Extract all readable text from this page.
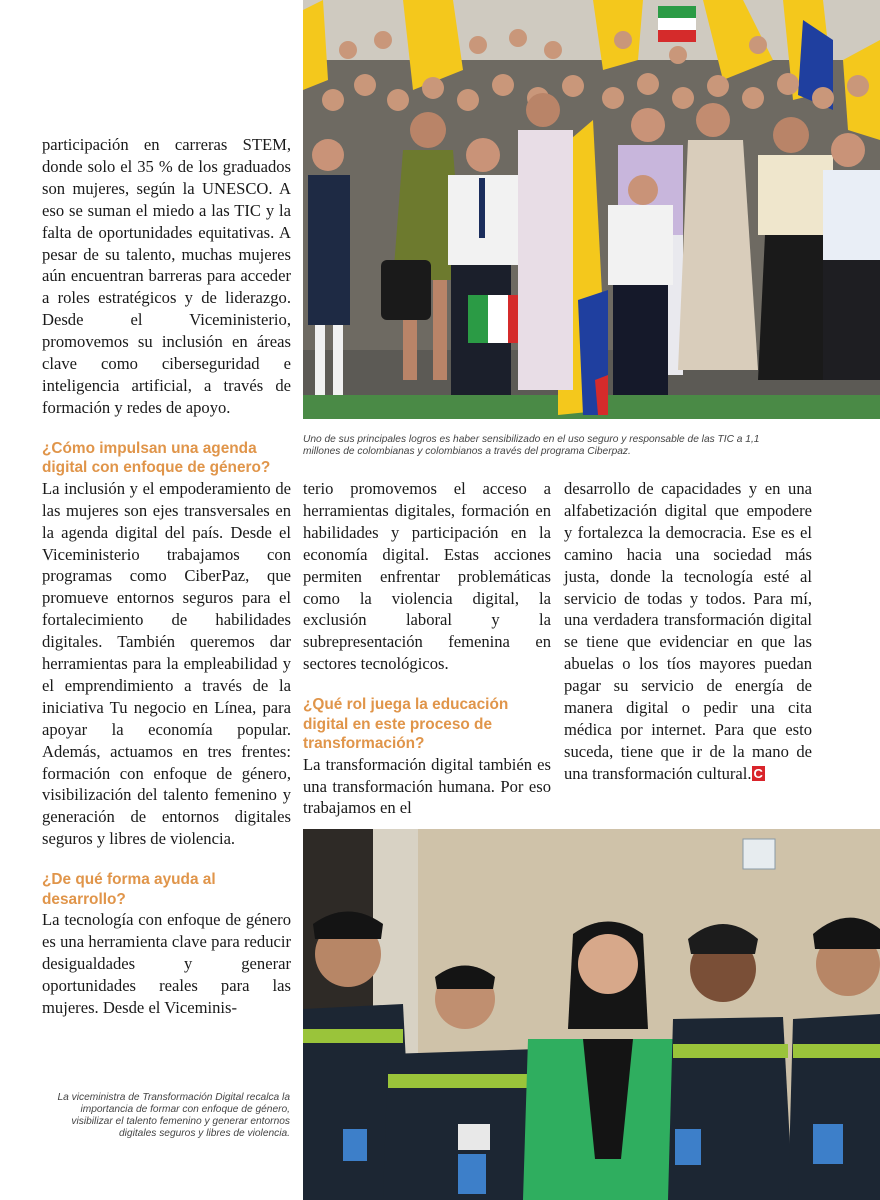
Uno de sus principales logros es haber sensibilizado en el uso seguro y responsable de las TIC a 1,1 millones de colombianas y colombianos a través del programa Ciberpaz.

participación en carreras STEM, donde solo el 35 % de los graduados son mujeres, según la UNESCO. A eso se suman el miedo a las TIC y la falta de oportunidades equitativas. A pesar de su talento, muchas mujeres aún encuentran barreras para acceder a roles estratégicos y de liderazgo. Desde el Viceministerio, promovemos su inclusión en áreas clave como ciberseguridad e inteligencia artificial, a través de formación y redes de apoyo.

¿Cómo impulsan una agenda digital con enfoque de género?

La inclusión y el empoderamiento de las mujeres son ejes transversales en la agenda digital del país. Desde el Viceministerio trabajamos con programas como CiberPaz, que promueve entornos seguros para el fortalecimiento de habilidades digitales. También queremos dar herramientas para la empleabilidad y el emprendimiento a través de la iniciativa Tu negocio en Línea, para apoyar la economía popular. Además, actuamos en tres frentes: formación con enfoque de género, visibilización del talento femenino y generación de entornos digitales seguros y libres de violencia.

¿De qué forma ayuda al desarrollo?

La tecnología con enfoque de género es una herramienta clave para reducir desigualdades y generar oportunidades reales para las mujeres. Desde el Viceminis-

La viceministra de Transformación Digital recalca la importancia de formar con enfoque de género, visibilizar el talento femenino y generar entornos digitales seguros y libres de violencia.

terio promovemos el acceso a herramientas digitales, formación en habilidades y participación en la economía digital. Estas acciones permiten enfrentar problemáticas como la violencia digital, la exclusión laboral y la subrepresentación femenina en sectores tecnológicos.

¿Qué rol juega la educación digital en este proceso de transformación?

La transformación digital también es una transformación humana. Por eso trabajamos en el

desarrollo de capacidades y en una alfabetización digital que empodere y fortalezca la democracia. Ese es el camino hacia una sociedad más justa, donde la tecnología esté al servicio de todas y todos. Para mí, una verdadera transformación digital se tiene que evidenciar en que las abuelas o los tíos mayores puedan pagar su servicio de energía de manera digital o pedir una cita médica por internet. Para que esto suceda, tiene que ir de la mano de una transformación cultural. C
